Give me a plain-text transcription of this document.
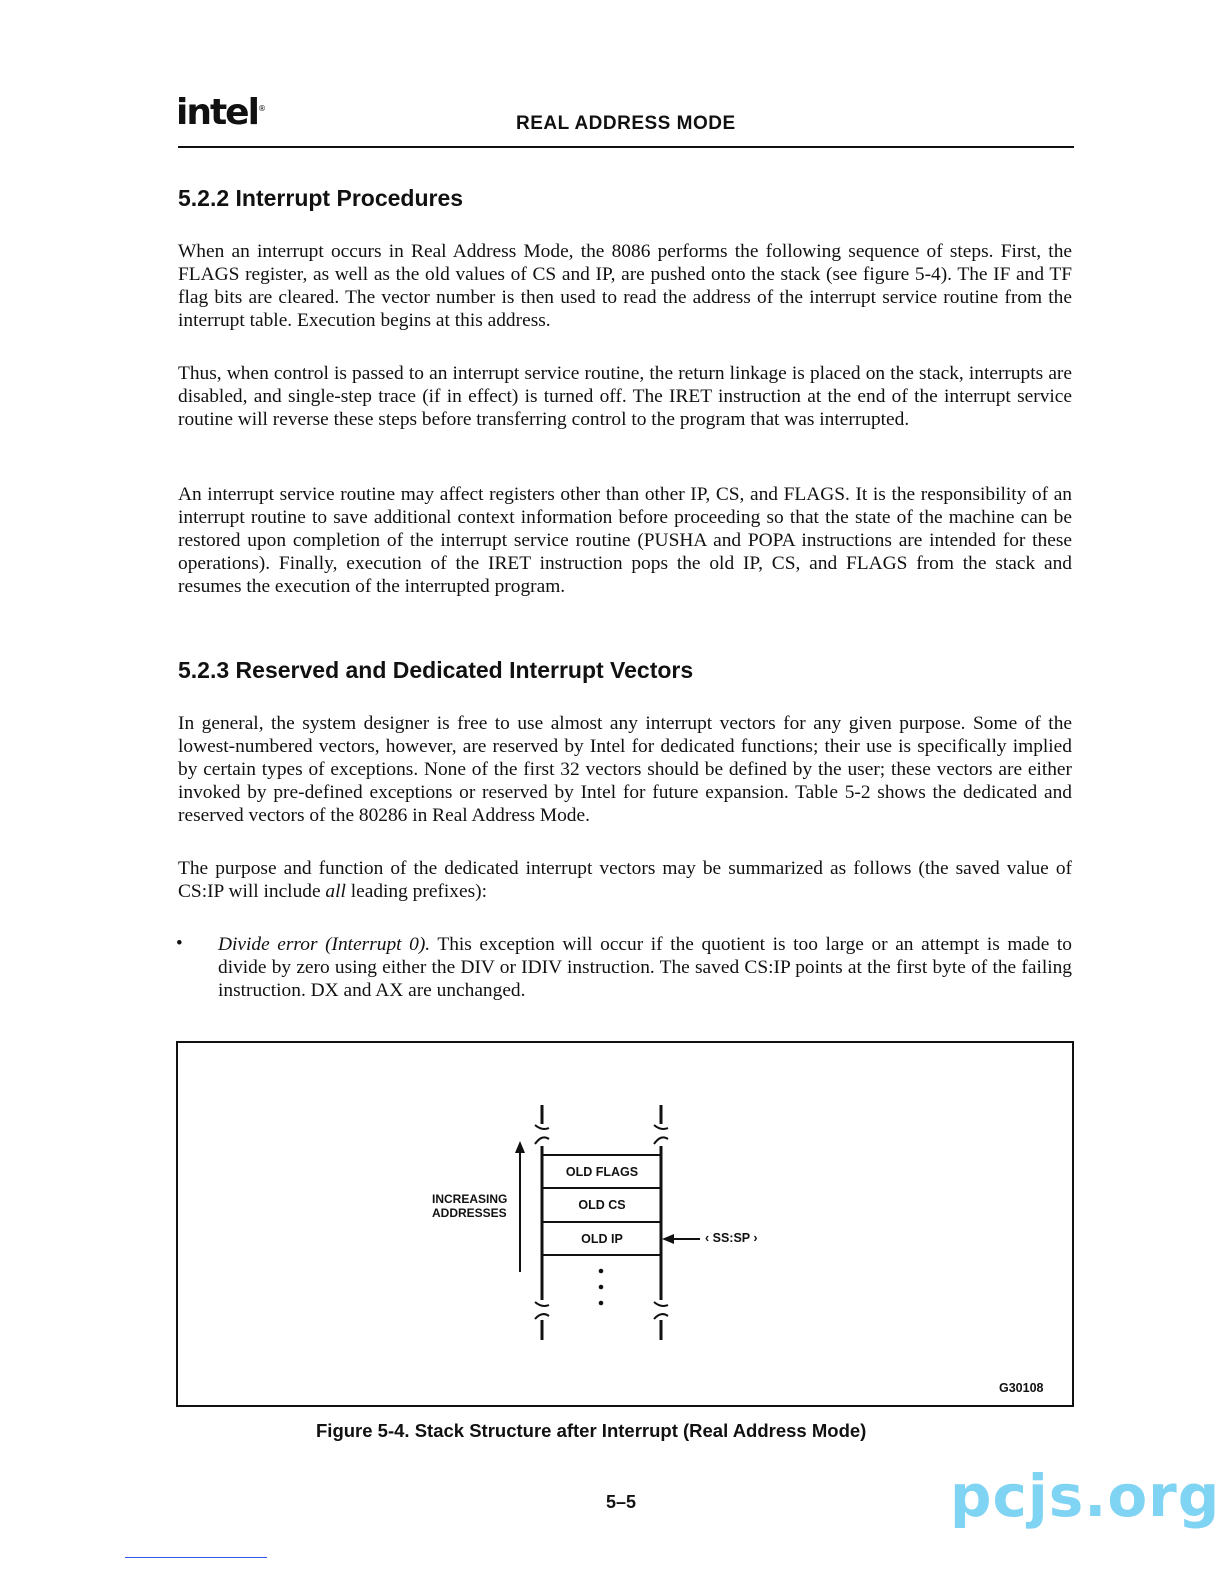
intel®
REAL ADDRESS MODE
5.2.2 Interrupt Procedures

When an interrupt occurs in Real Address Mode, the 8086 performs the following sequence of steps. First, the FLAGS register, as well as the old values of CS and IP, are pushed onto the stack (see figure 5-4). The IF and TF flag bits are cleared. The vector number is then used to read the address of the interrupt service routine from the interrupt table. Execution begins at this address.

Thus, when control is passed to an interrupt service routine, the return linkage is placed on the stack, interrupts are disabled, and single-step trace (if in effect) is turned off. The IRET instruction at the end of the interrupt service routine will reverse these steps before transferring control to the program that was interrupted.

An interrupt service routine may affect registers other than other IP, CS, and FLAGS. It is the responsibility of an interrupt routine to save additional context information before proceeding so that the state of the machine can be restored upon completion of the interrupt service routine (PUSHA and POPA instructions are intended for these operations). Finally, execution of the IRET instruction pops the old IP, CS, and FLAGS from the stack and resumes the execution of the interrupted program.

5.2.3 Reserved and Dedicated Interrupt Vectors

In general, the system designer is free to use almost any interrupt vectors for any given purpose. Some of the lowest-numbered vectors, however, are reserved by Intel for dedicated functions; their use is specifically implied by certain types of exceptions. None of the first 32 vectors should be defined by the user; these vectors are either invoked by pre-defined exceptions or reserved by Intel for future expansion. Table 5-2 shows the dedicated and reserved vectors of the 80286 in Real Address Mode.

The purpose and function of the dedicated interrupt vectors may be summarized as follows (the saved value of CS:IP will include all leading prefixes):

• Divide error (Interrupt 0). This exception will occur if the quotient is too large or an attempt is made to divide by zero using either the DIV or IDIV instruction. The saved CS:IP points at the first byte of the failing instruction. DX and AX are unchanged.

OLD FLAGS
OLD CS
OLD IP
INCREASING
ADDRESSES
‹ SS:SP ›
G30108
Figure 5-4. Stack Structure after Interrupt (Real Address Mode)
5–5	pcjs.org
